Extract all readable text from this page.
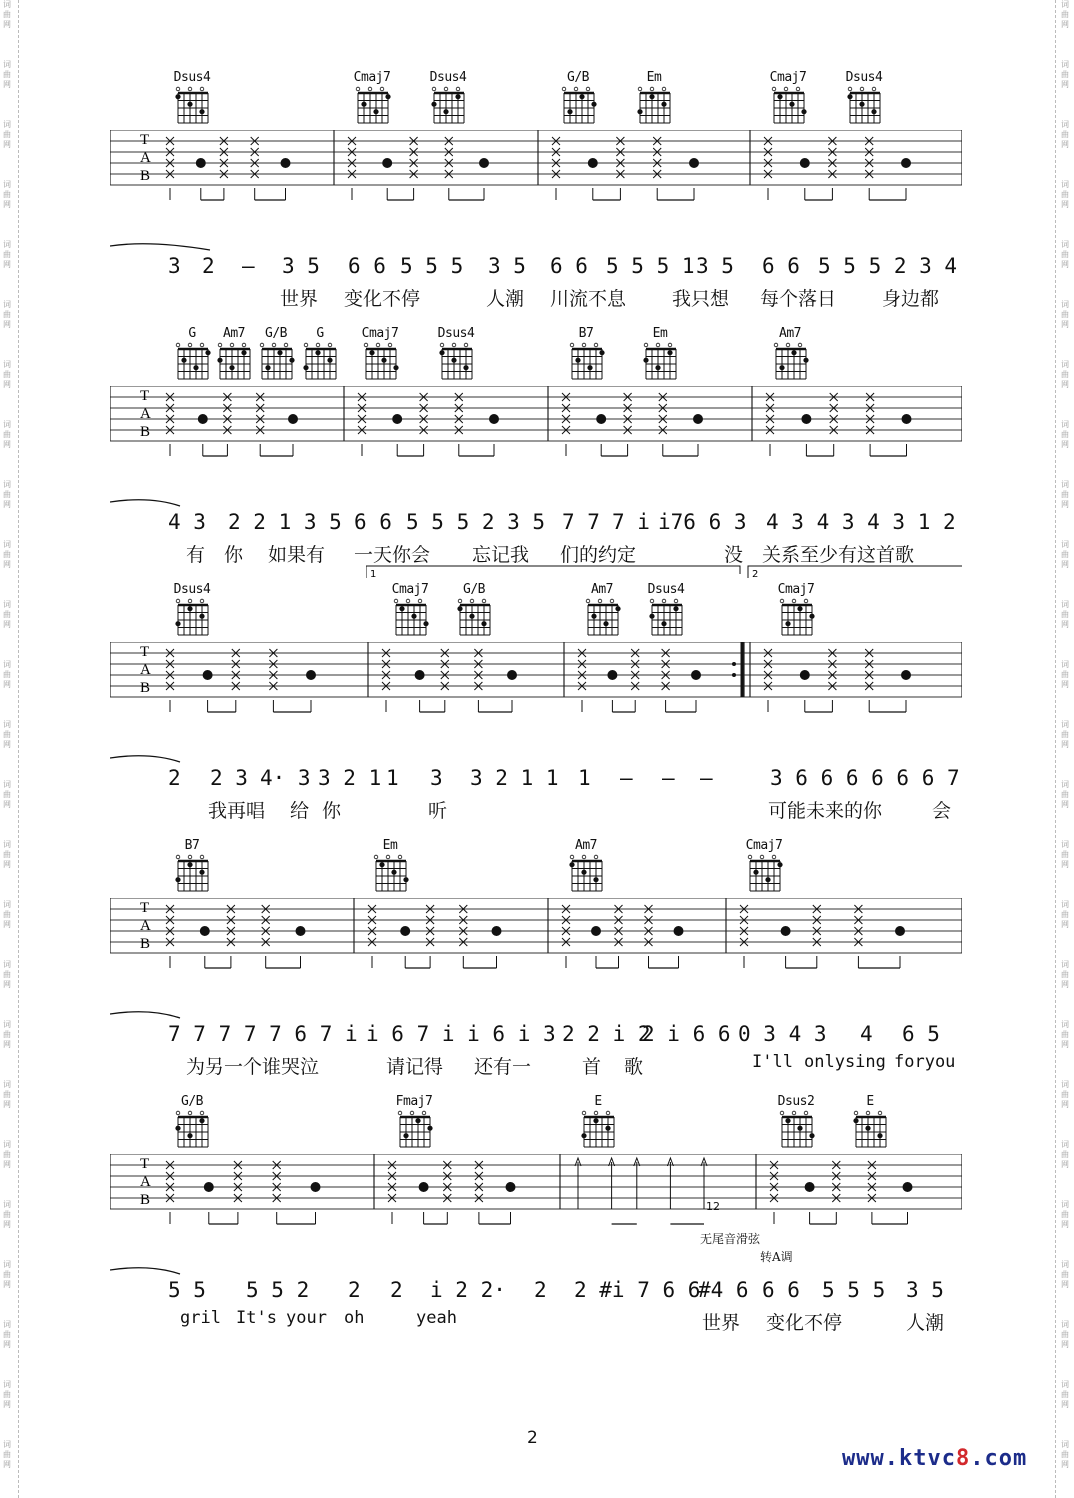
词
曲
网
词
曲
网
词
曲
网
词
曲
网
词
曲
网
词
曲
网
词
曲
网
词
曲
网
词
曲
网
词
曲
网
词
曲
网
词
曲
网
词
曲
网
词
曲
网
词
曲
网
词
曲
网
词
曲
网
词
曲
网
词
曲
网
词
曲
网
词
曲
网
词
曲
网
词
曲
网
词
曲
网
词
曲
网
词
曲
网
词
曲
网
词
曲
网
词
曲
网
词
曲
网
词
曲
网
词
曲
网
词
曲
网
词
曲
网
词
曲
网
词
曲
网
词
曲
网
词
曲
网
词
曲
网
词
曲
网
词
曲
网
词
曲
网
词
曲
网
词
曲
网
词
曲
网
词
曲
网
词
曲
网
词
曲
网
词
曲
网
词
曲
网
Dsus4	Cmaj7	Dsus4	G/B	Em	Cmaj7	Dsus4
T
A
B
3 2 – 3 5 6 6 5 5 5 3 5 6 6 5 5 5 1 3 5 6 6 5 5 5 2 3 4
世界 变化不停	人潮 川流不息 我只想 每个落日 身边都
G	Am7	G/B	G	Cmaj7	Dsus4	B7	Em	Am7
T
A
B
4 3 2 2 1 3 5 6 6 5 5 5 2 3 5 7 7 7 i i76 6 3 4 3 4 3 4 3 1 2
有 你 如果有 一天你会 忘记我 们的约定	没 关系至少有这首歌
1	2
Dsus4	Cmaj7	G/B	Am7	Dsus4	Cmaj7
T
A
B
2 2 3 4· 3 3 2 1 1 3 3 2 1 1 1 – – –	3 6 6 6 6 6 6 7
我再唱 给 你	听	可能未来的你	会
B7	Em	Am7	Cmaj7
T
A
B
7 7 7 7 7 6 7 i i 6 7 i i 6 i 3 2 2 i 2
2 i 6 6 0 3 4 3 4 6 5
为另一个谁哭泣	请记得 还有一	首 歌	I'll onlysing foryou
G/B	Fmaj7	E	Dsus2	E
T
A
B	12
无尾音滑弦
转A调
5 5 5 5 2 2 2 i 2 2· 2 2 #i 7 6 6
#4 6 6 6 5 5 5 3 5
gril It's your oh	yeah	世界 变化不停	人潮
2
www.ktvc8.com
